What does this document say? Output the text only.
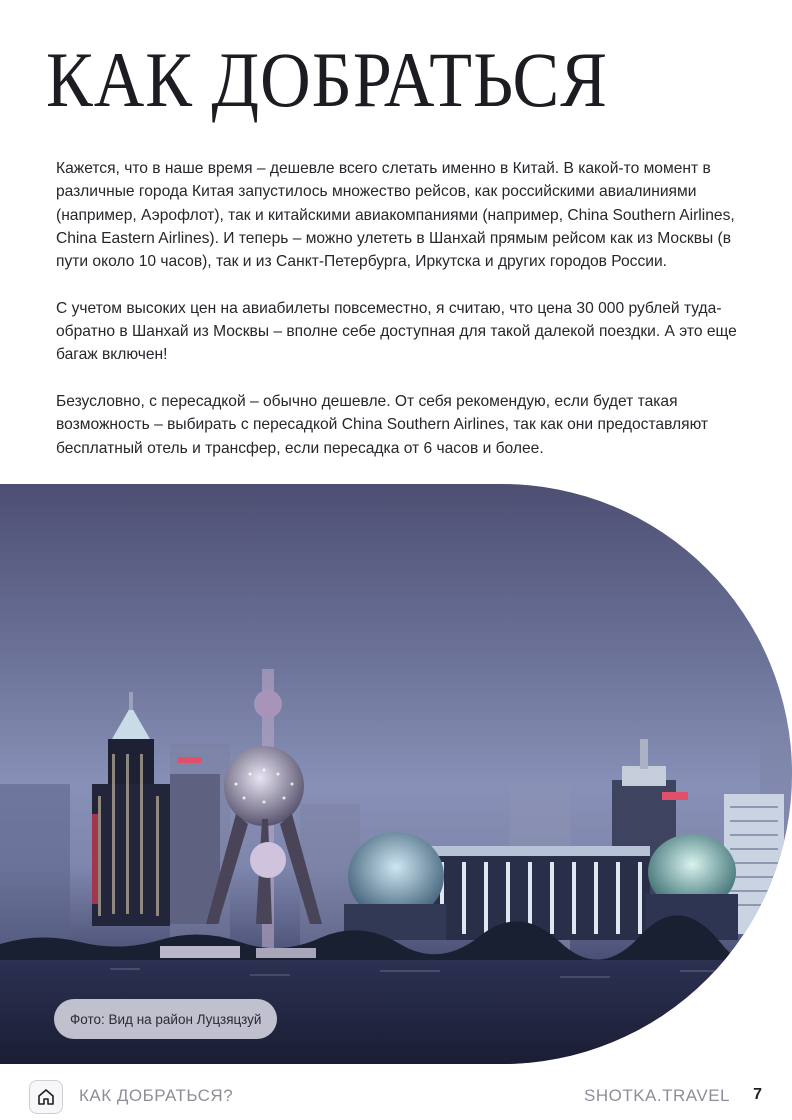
КАК ДОБРАТЬСЯ

Кажется, что в наше время – дешевле всего слетать именно в Китай. В какой-то момент в различные города Китая запустилось множество рейсов, как российскими авиалиниями (например, Аэрофлот), так и китайскими авиакомпаниями (например, China Southern Airlines, China Eastern Airlines). И теперь – можно улететь в Шанхай прямым рейсом как из Москвы (в пути около 10 часов), так и из Санкт-Петербурга, Иркутска и других городов России.

С учетом высоких цен на авиабилеты повсеместно, я считаю, что цена 30 000 рублей туда-обратно в Шанхай из Москвы – вполне себе доступная для такой далекой поездки. А это еще багаж включен!

Безусловно, с пересадкой – обычно дешевле. От себя рекомендую, если будет такая возможность – выбирать с пересадкой China Southern Airlines, так как они предоставляют бесплатный отель и трансфер, если пересадка от 6 часов и более.

Фото: Вид на район Луцзяцзуй
КАК ДОБРАТЬСЯ?	SHOTKA.TRAVEL 7
